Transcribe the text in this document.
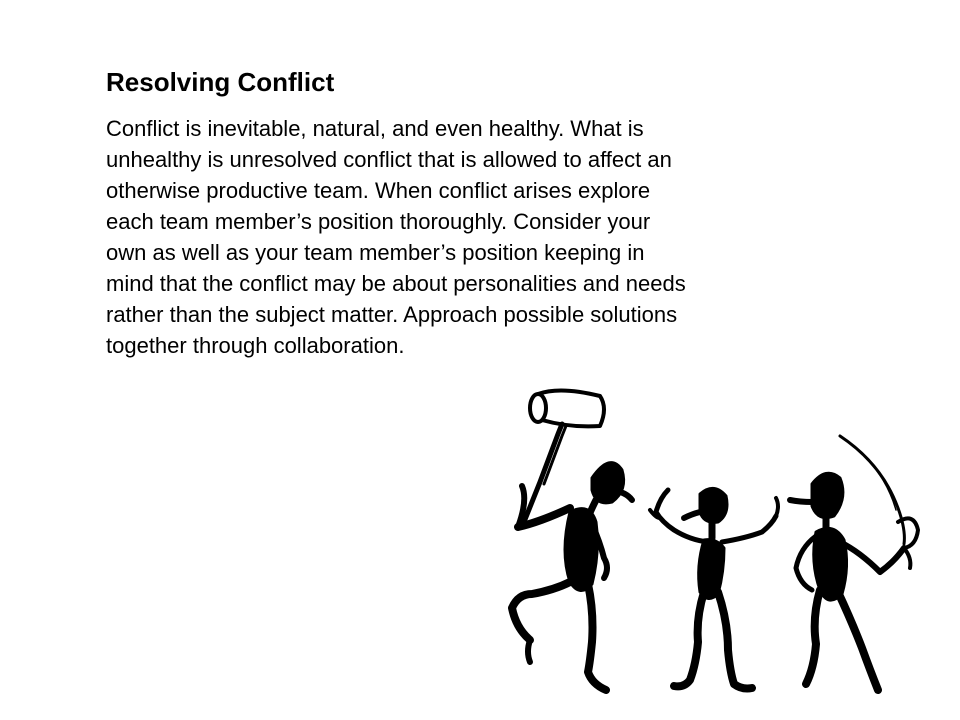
Resolving Conflict
Conflict is inevitable, natural, and even healthy. What is
unhealthy is unresolved conflict that is allowed to affect an
otherwise productive team. When conflict arises explore
each team member’s position thoroughly. Consider your
own as well as your team member’s position keeping in
mind that the conflict may be about personalities and needs
rather than the subject matter. Approach possible solutions
together through collaboration.
